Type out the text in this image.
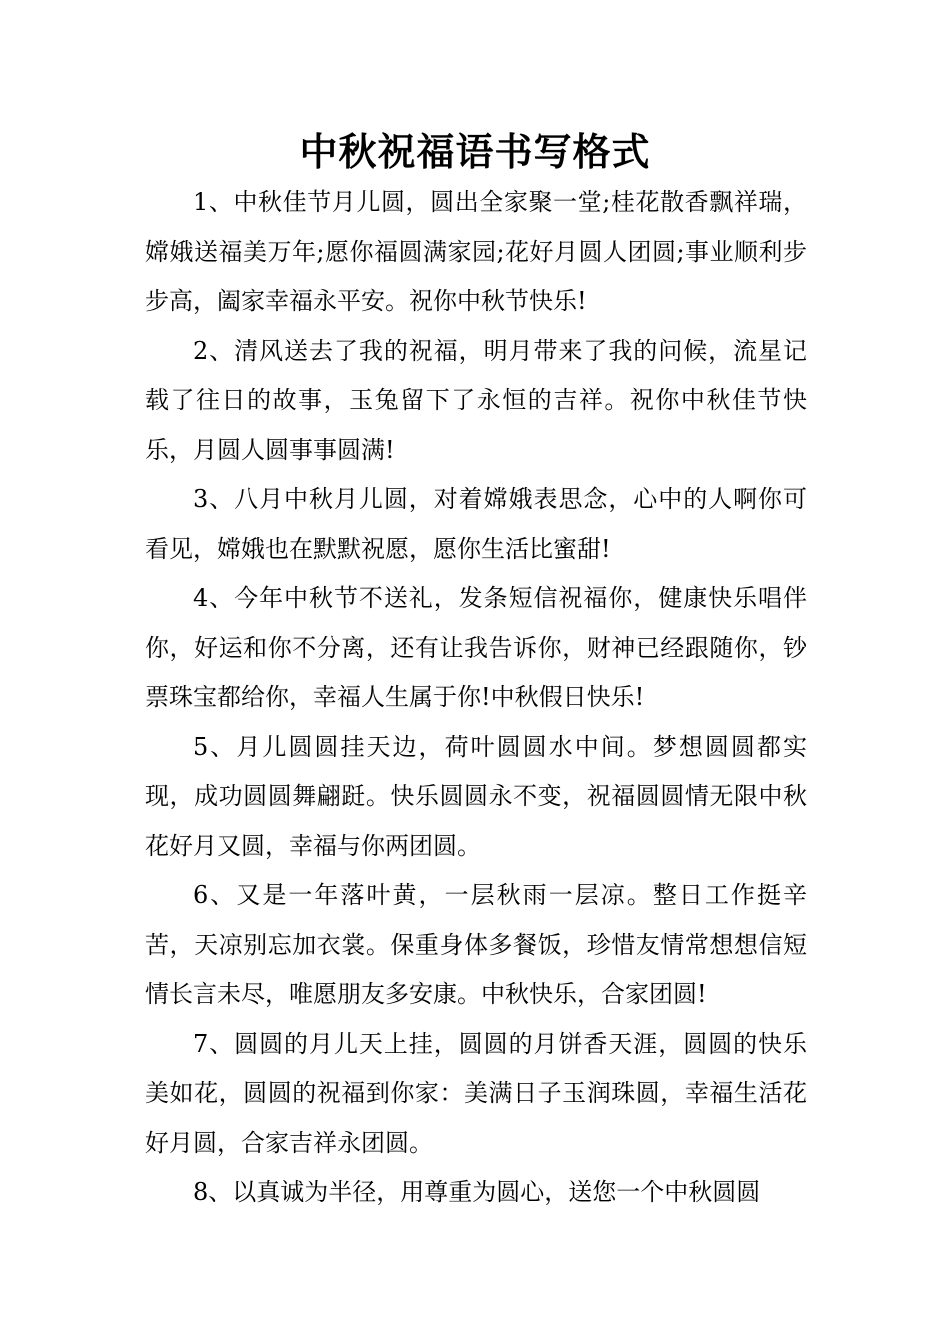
中秋祝福语书写格式

1、中秋佳节月儿圆，圆出全家聚一堂;桂花散香飘祥瑞，嫦娥送福美万年;愿你福圆满家园;花好月圆人团圆;事业顺利步步高，阖家幸福永平安。祝你中秋节快乐!

2、清风送去了我的祝福，明月带来了我的问候，流星记载了往日的故事，玉兔留下了永恒的吉祥。祝你中秋佳节快乐，月圆人圆事事圆满!

3、八月中秋月儿圆，对着嫦娥表思念，心中的人啊你可看见，嫦娥也在默默祝愿，愿你生活比蜜甜!

4、今年中秋节不送礼，发条短信祝福你，健康快乐唱伴你，好运和你不分离，还有让我告诉你，财神已经跟随你，钞票珠宝都给你，幸福人生属于你!中秋假日快乐!

5、月儿圆圆挂天边，荷叶圆圆水中间。梦想圆圆都实现，成功圆圆舞翩跹。快乐圆圆永不变，祝福圆圆情无限中秋花好月又圆，幸福与你两团圆。

6、又是一年落叶黄，一层秋雨一层凉。整日工作挺辛苦，天凉别忘加衣裳。保重身体多餐饭，珍惜友情常想想信短情长言未尽，唯愿朋友多安康。中秋快乐，合家团圆!

7、圆圆的月儿天上挂，圆圆的月饼香天涯，圆圆的快乐美如花，圆圆的祝福到你家：美满日子玉润珠圆，幸福生活花好月圆，合家吉祥永团圆。

8、以真诚为半径，用尊重为圆心，送您一个中秋圆圆
